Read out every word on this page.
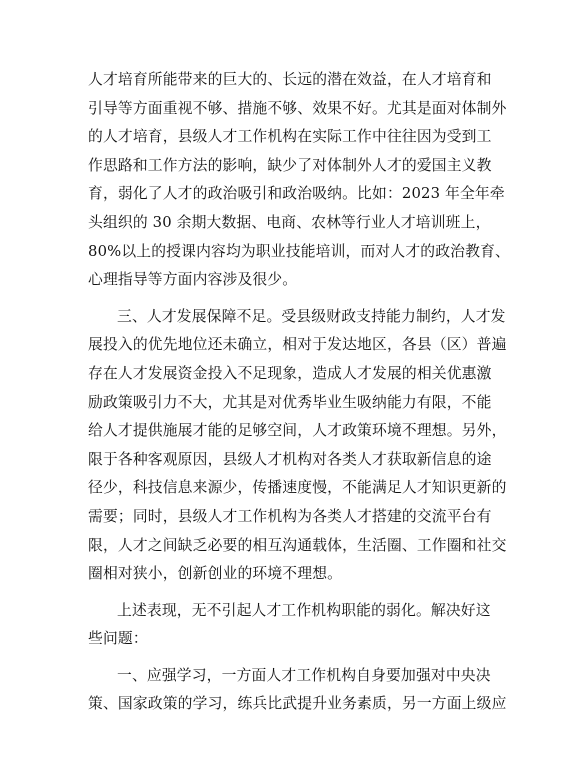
人才培育所能带来的巨大的、长远的潜在效益，在人才培育和
引导等方面重视不够、措施不够、效果不好。尤其是面对体制外
的人才培育，县级人才工作机构在实际工作中往往因为受到工
作思路和工作方法的影响，缺少了对体制外人才的爱国主义教
育，弱化了人才的政治吸引和政治吸纳。比如：2023 年全年牵
头组织的 30 余期大数据、电商、农林等行业人才培训班上，
80%以上的授课内容均为职业技能培训，而对人才的政治教育、
心理指导等方面内容涉及很少。
三、人才发展保障不足。受县级财政支持能力制约，人才发
展投入的优先地位还未确立，相对于发达地区，各县（区）普遍
存在人才发展资金投入不足现象，造成人才发展的相关优惠激
励政策吸引力不大，尤其是对优秀毕业生吸纳能力有限，不能
给人才提供施展才能的足够空间，人才政策环境不理想。另外，
限于各种客观原因，县级人才机构对各类人才获取新信息的途
径少，科技信息来源少，传播速度慢，不能满足人才知识更新的
需要；同时，县级人才工作机构为各类人才搭建的交流平台有
限，人才之间缺乏必要的相互沟通载体，生活圈、工作圈和社交
圈相对狭小，创新创业的环境不理想。
上述表现，无不引起人才工作机构职能的弱化。解决好这
些问题：
一、应强学习，一方面人才工作机构自身要加强对中央决
策、国家政策的学习，练兵比武提升业务素质，另一方面上级应
